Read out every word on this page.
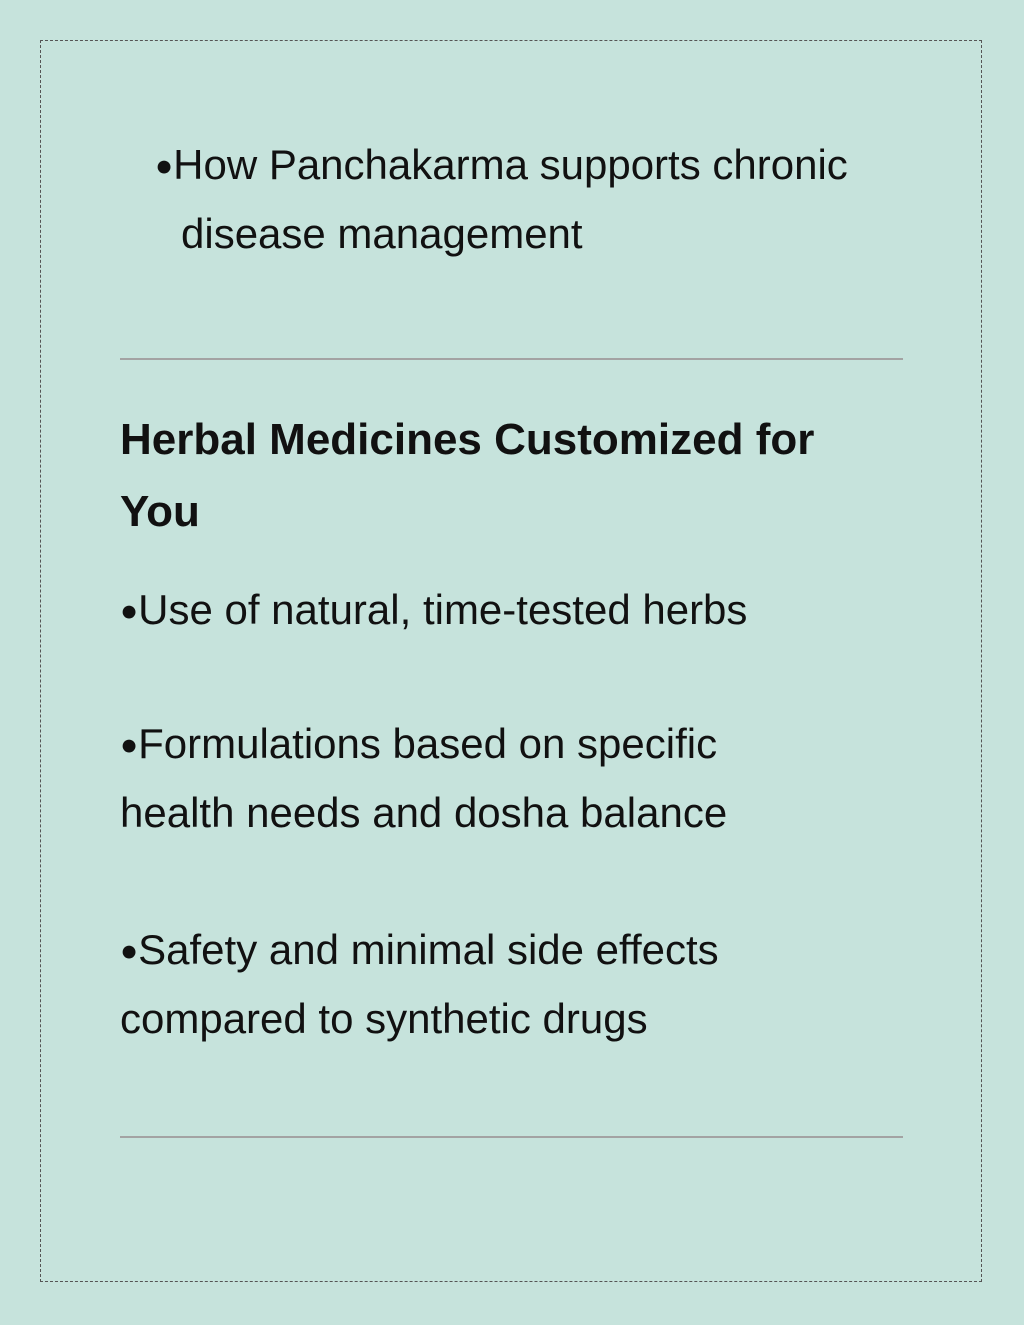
●How Panchakarma supports chronic
disease management

Herbal Medicines Customized for You

●Use of natural, time-tested herbs

●Formulations based on specific health needs and dosha balance

●Safety and minimal side effects compared to synthetic drugs
